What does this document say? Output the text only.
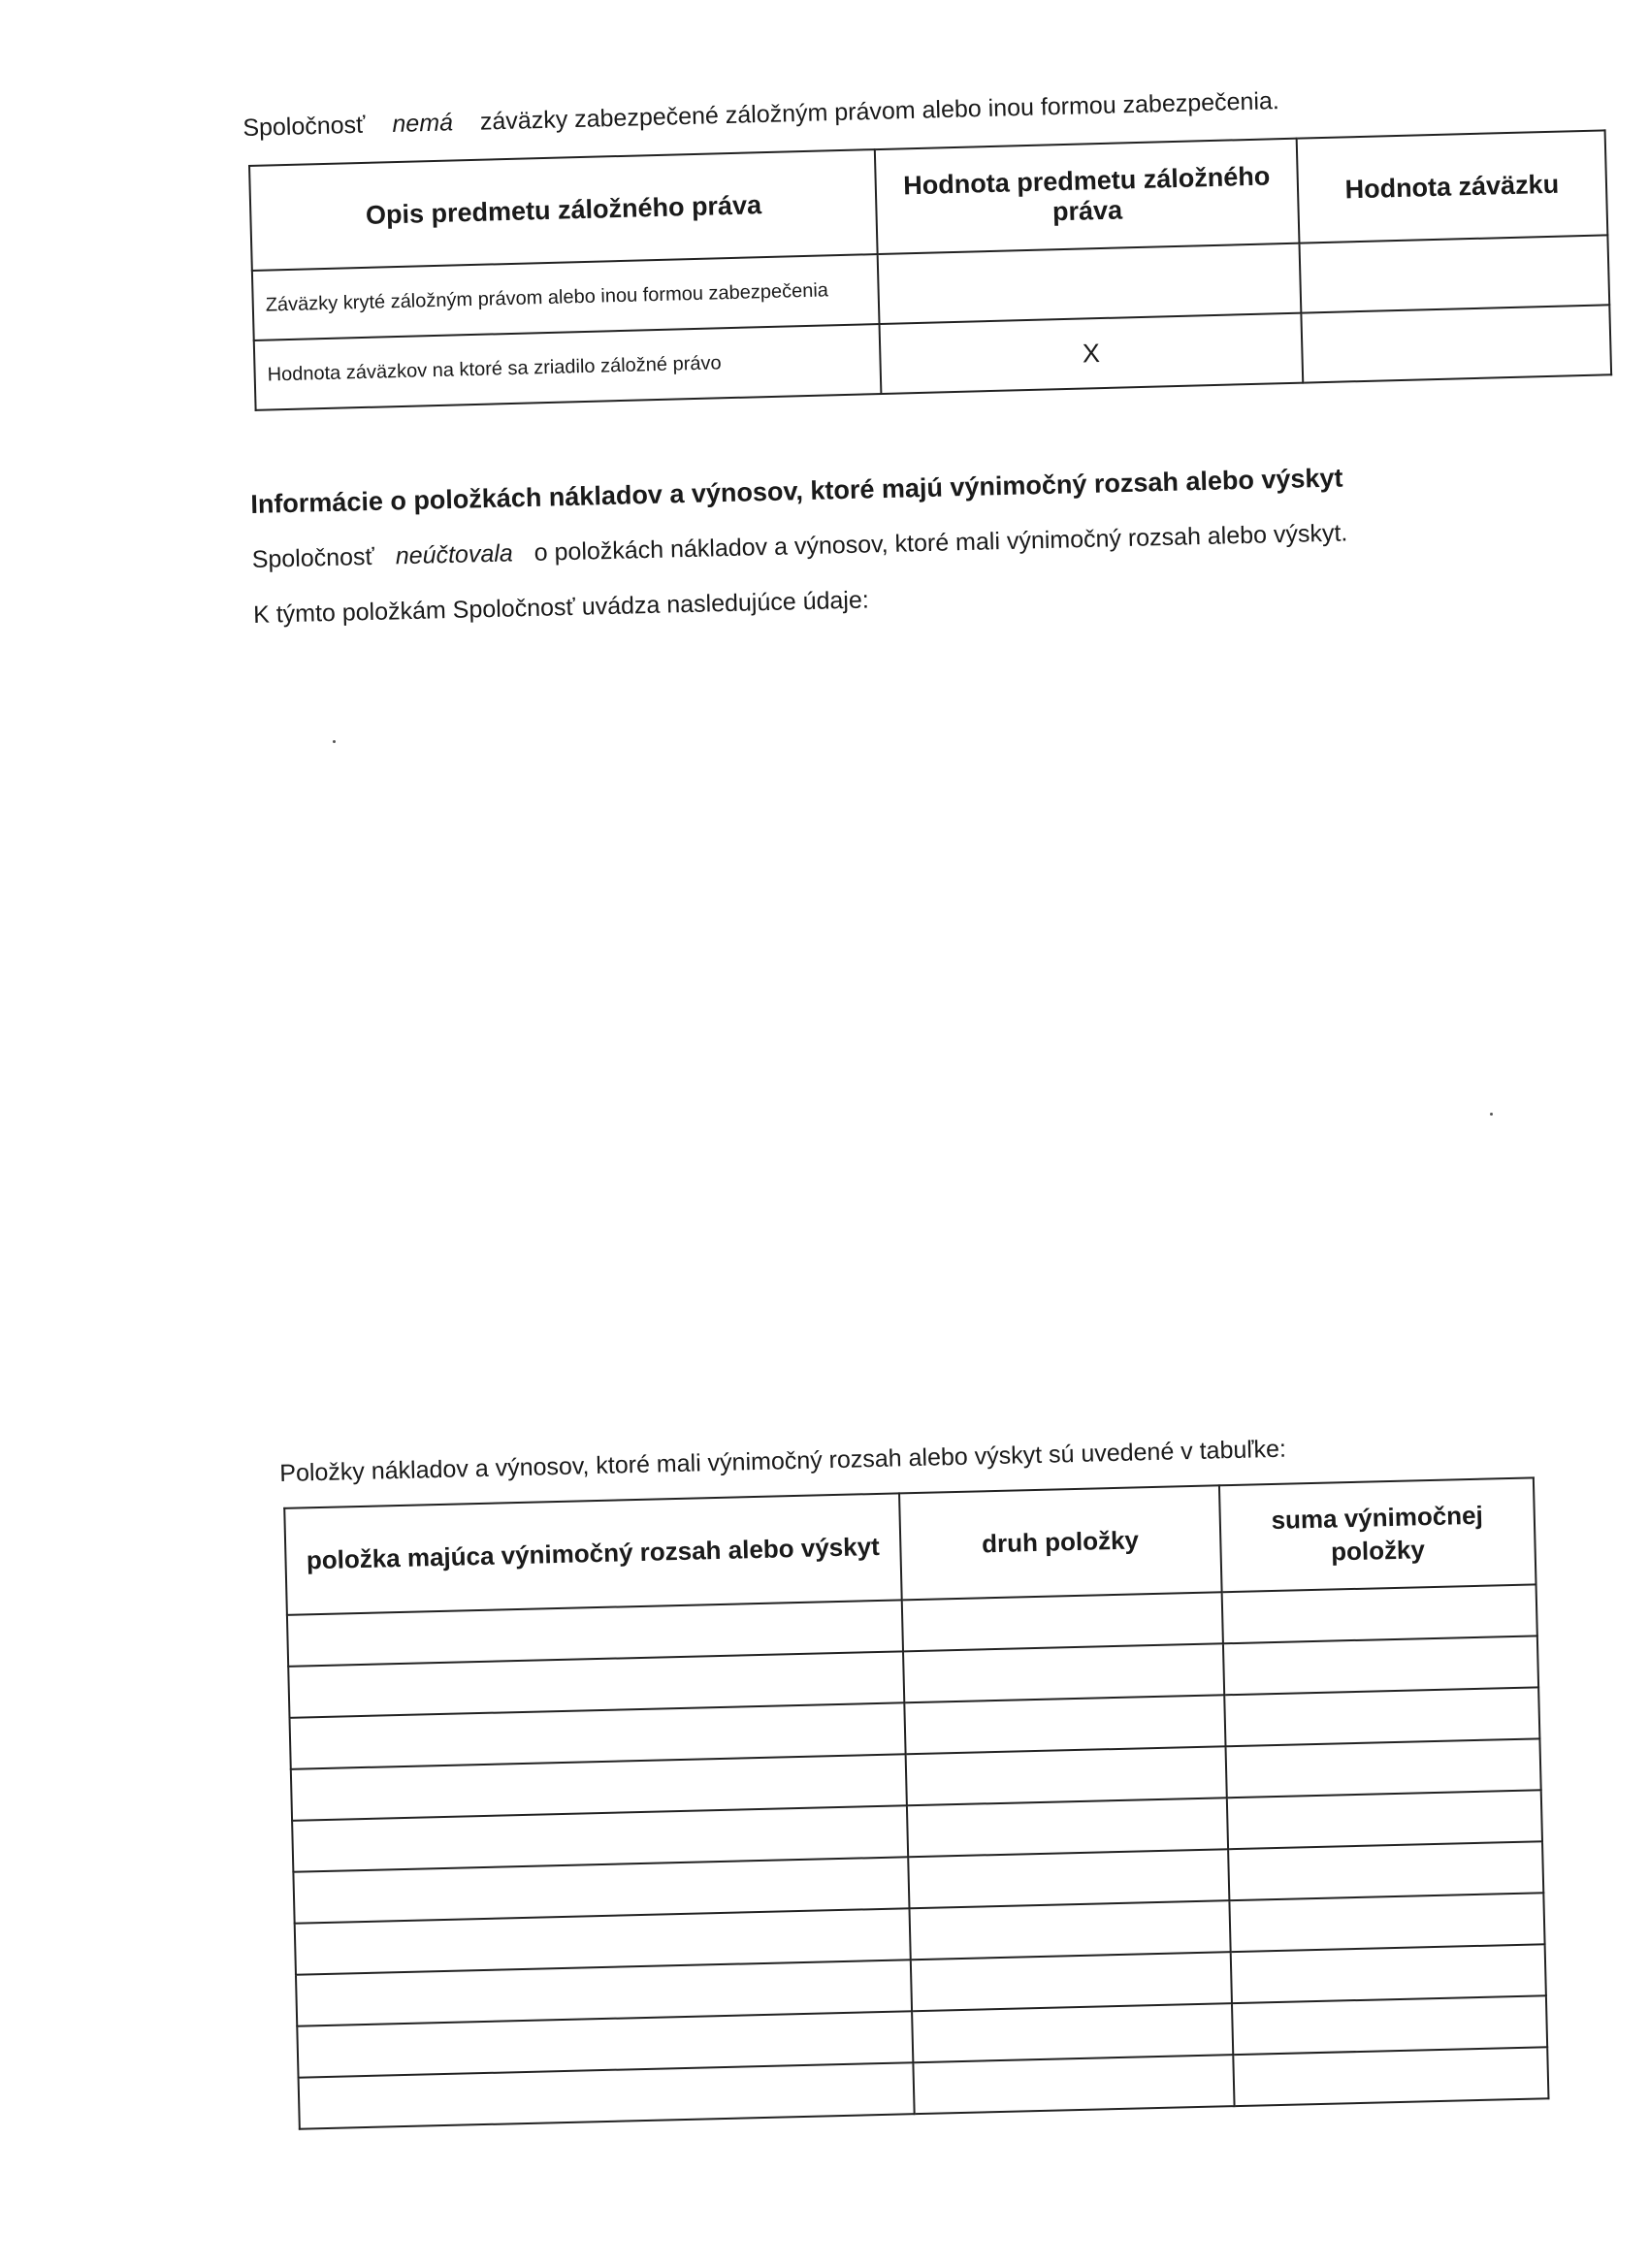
Spoločnosť nemá záväzky zabezpečené záložným právom alebo inou formou zabezpečenia.
Opis predmetu záložného práva	Hodnota predmetu záložného práva	Hodnota záväzku
Záväzky kryté záložným právom alebo inou formou zabezpečenia		
Hodnota záväzkov na ktoré sa zriadilo záložné právo	X	
Informácie o položkách nákladov a výnosov, ktoré majú výnimočný rozsah alebo výskyt
Spoločnosť neúčtovala o položkách nákladov a výnosov, ktoré mali výnimočný rozsah alebo výskyt.
K týmto položkám Spoločnosť uvádza nasledujúce údaje:
Položky nákladov a výnosov, ktoré mali výnimočný rozsah alebo výskyt sú uvedené v tabuľke:
položka majúca výnimočný rozsah alebo výskyt	druh položky	suma výnimočnej položky
